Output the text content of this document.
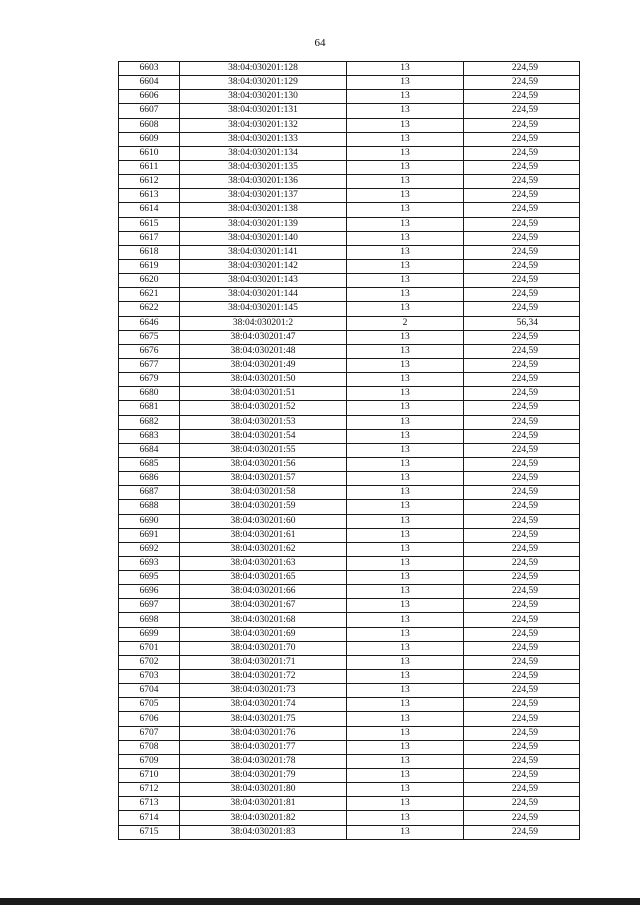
64
6603	38:04:030201:128	13	224,59
6604	38:04:030201:129	13	224,59
6606	38:04:030201:130	13	224,59
6607	38:04:030201:131	13	224,59
6608	38:04:030201:132	13	224,59
6609	38:04:030201:133	13	224,59
6610	38:04:030201:134	13	224,59
6611	38:04:030201:135	13	224,59
6612	38:04:030201:136	13	224,59
6613	38:04:030201:137	13	224,59
6614	38:04:030201:138	13	224,59
6615	38:04:030201:139	13	224,59
6617	38:04:030201:140	13	224,59
6618	38:04:030201:141	13	224,59
6619	38:04:030201:142	13	224,59
6620	38:04:030201:143	13	224,59
6621	38:04:030201:144	13	224,59
6622	38:04:030201:145	13	224,59
6646	38:04:030201:2	2	56,34
6675	38:04:030201:47	13	224,59
6676	38:04:030201:48	13	224,59
6677	38:04:030201:49	13	224,59
6679	38:04:030201:50	13	224,59
6680	38:04:030201:51	13	224,59
6681	38:04:030201:52	13	224,59
6682	38:04:030201:53	13	224,59
6683	38:04:030201:54	13	224,59
6684	38:04:030201:55	13	224,59
6685	38:04:030201:56	13	224,59
6686	38:04:030201:57	13	224,59
6687	38:04:030201:58	13	224,59
6688	38:04:030201:59	13	224,59
6690	38:04:030201:60	13	224,59
6691	38:04:030201:61	13	224,59
6692	38:04:030201:62	13	224,59
6693	38:04:030201:63	13	224,59
6695	38:04:030201:65	13	224,59
6696	38:04:030201:66	13	224,59
6697	38:04:030201:67	13	224,59
6698	38:04:030201:68	13	224,59
6699	38:04:030201:69	13	224,59
6701	38:04:030201:70	13	224,59
6702	38:04:030201:71	13	224,59
6703	38:04:030201:72	13	224,59
6704	38:04:030201:73	13	224,59
6705	38:04:030201:74	13	224,59
6706	38:04:030201:75	13	224,59
6707	38:04:030201:76	13	224,59
6708	38:04:030201:77	13	224,59
6709	38:04:030201:78	13	224,59
6710	38:04:030201:79	13	224,59
6712	38:04:030201:80	13	224,59
6713	38:04:030201:81	13	224,59
6714	38:04:030201:82	13	224,59
6715	38:04:030201:83	13	224,59
